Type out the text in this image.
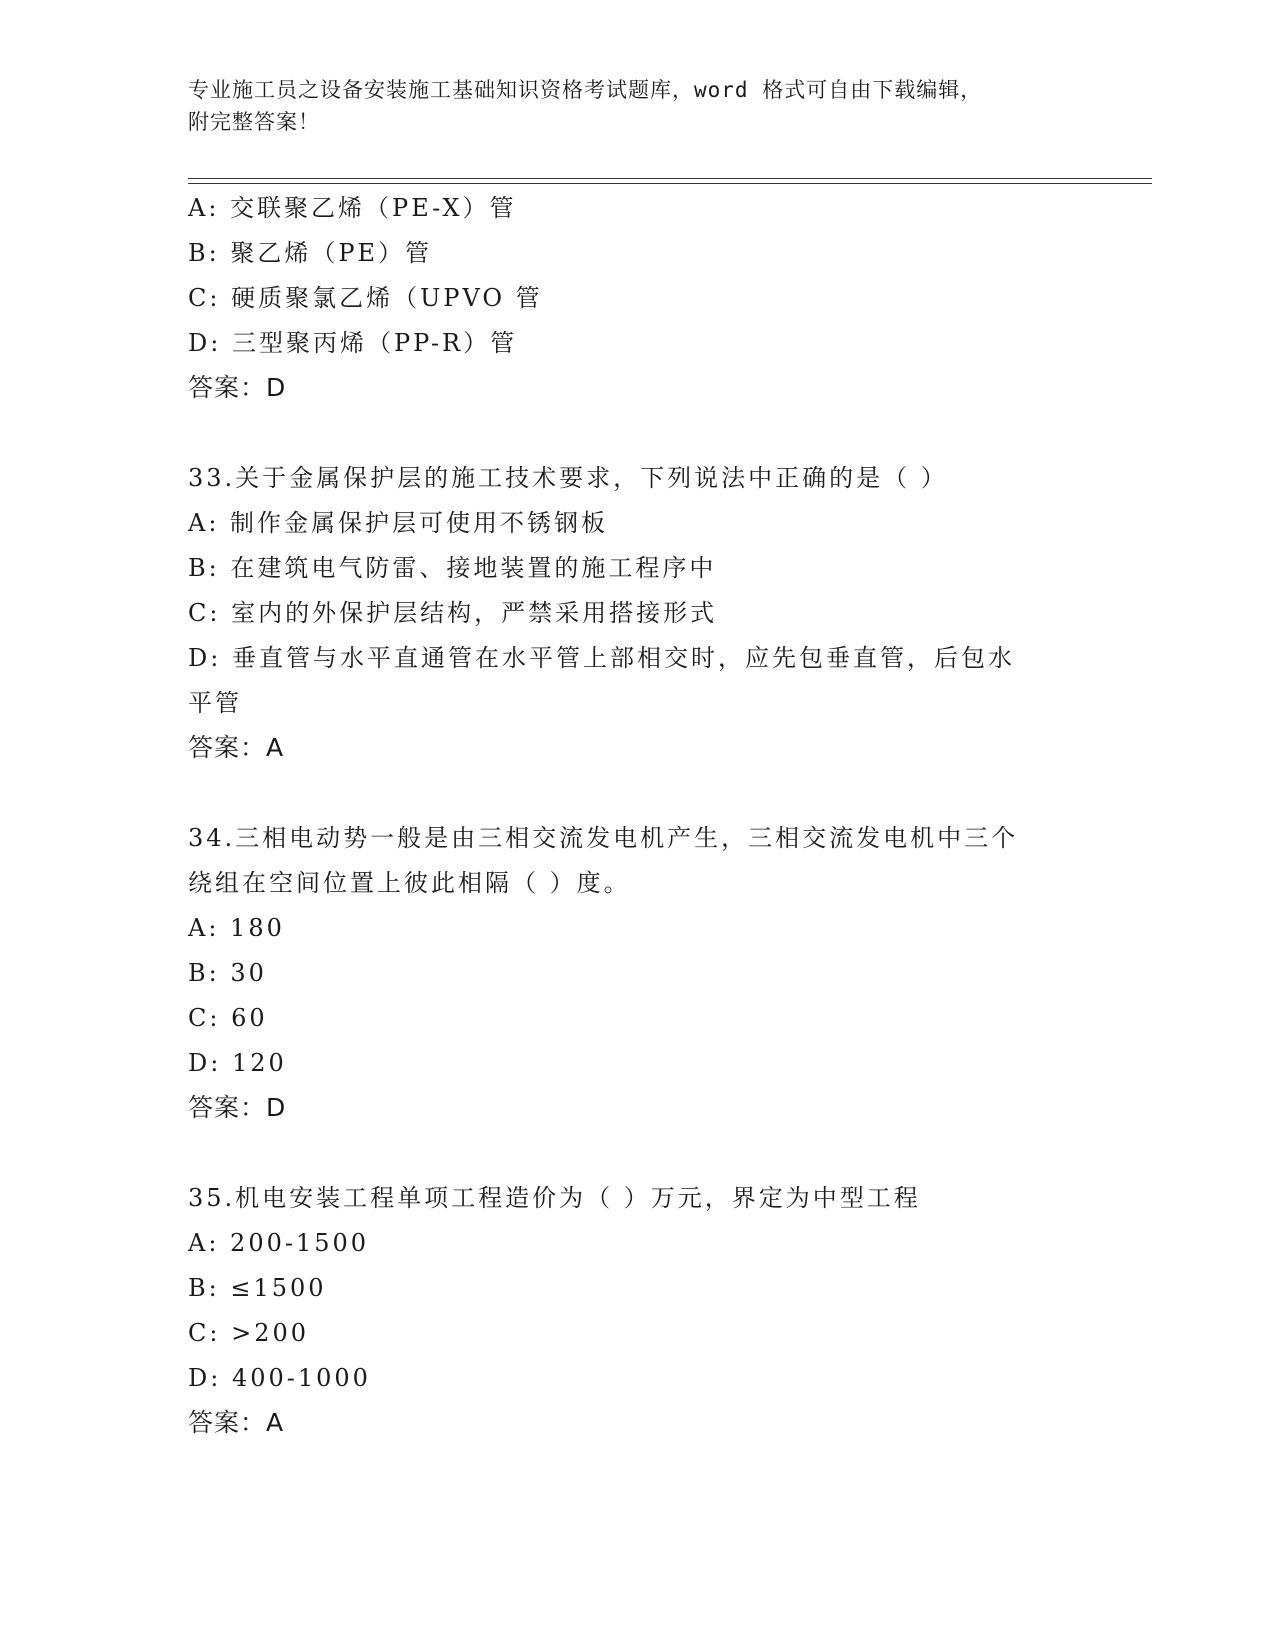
专业施工员之设备安装施工基础知识资格考试题库，word 格式可自由下载编辑，
附完整答案！
A: 交联聚乙烯（PE-X）管
B: 聚乙烯（PE）管
C: 硬质聚氯乙烯（UPVO 管
D: 三型聚丙烯（PP-R）管
答案：D
33.关于金属保护层的施工技术要求，下列说法中正确的是（ ）
A: 制作金属保护层可使用不锈钢板
B: 在建筑电气防雷、接地装置的施工程序中
C: 室内的外保护层结构，严禁采用搭接形式
D: 垂直管与水平直通管在水平管上部相交时，应先包垂直管，后包水
平管
答案：A
34.三相电动势一般是由三相交流发电机产生，三相交流发电机中三个
绕组在空间位置上彼此相隔（ ）度。
A: 180
B: 30
C: 60
D: 120
答案：D
35.机电安装工程单项工程造价为（ ）万元，界定为中型工程
A: 200-1500
B: ≤1500
C: >200
D: 400-1000
答案：A
